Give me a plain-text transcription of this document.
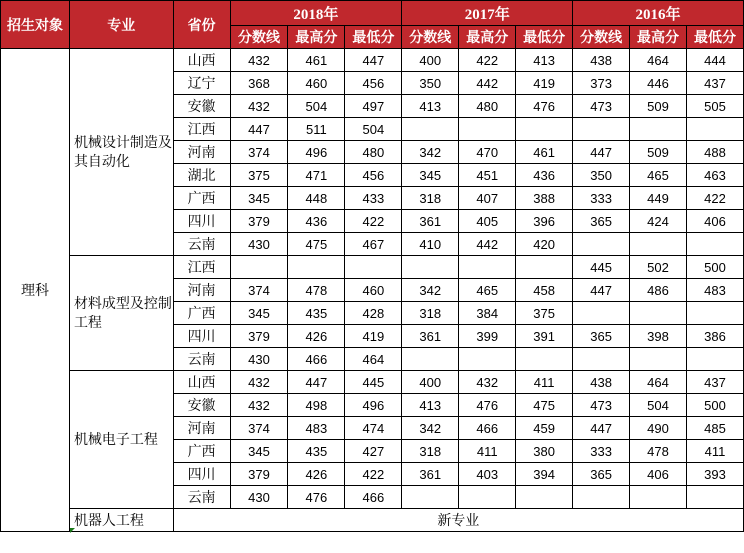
招生对象	专业	省份	2018年			2017年			2016年		
			分数线	最高分	最低分	分数线	最高分	最低分	分数线	最高分	最低分
理科	机械设计制造及其自动化	山西	432	461	447	400	422	413	438	464	444
		辽宁	368	460	456	350	442	419	373	446	437
		安徽	432	504	497	413	480	476	473	509	505
		江西	447	511	504						
		河南	374	496	480	342	470	461	447	509	488
		湖北	375	471	456	345	451	436	350	465	463
		广西	345	448	433	318	407	388	333	449	422
		四川	379	436	422	361	405	396	365	424	406
		云南	430	475	467	410	442	420			
	材料成型及控制工程	江西							445	502	500
		河南	374	478	460	342	465	458	447	486	483
		广西	345	435	428	318	384	375			
		四川	379	426	419	361	399	391	365	398	386
		云南	430	466	464						
	机械电子工程	山西	432	447	445	400	432	411	438	464	437
		安徽	432	498	496	413	476	475	473	504	500
		河南	374	483	474	342	466	459	447	490	485
		广西	345	435	427	318	411	380	333	478	411
		四川	379	426	422	361	403	394	365	406	393
		云南	430	476	466						
	机器人工程	新专业									
